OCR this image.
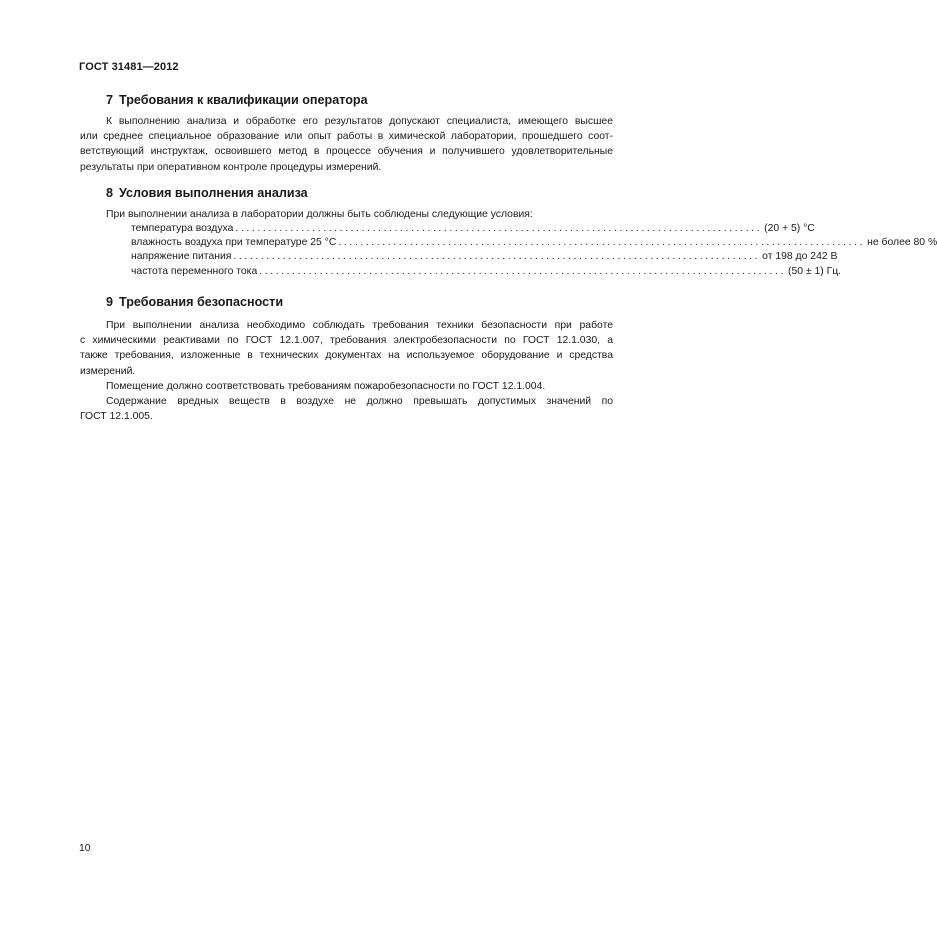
ГОСТ 31481—2012
7 Требования к квалификации оператора
К выполнению анализа и обработке его результатов допускают специалиста, имеющего высшее
или среднее специальное образование или опыт работы в химической лаборатории, прошедшего соот-
ветствующий инструктаж, освоившего метод в процессе обучения и получившего удовлетворительные
результаты при оперативном контроле процедуры измерений.
8 Условия выполнения анализа
При выполнении анализа в лаборатории должны быть соблюдены следующие условия:
температура воздуха ................................................................................................ (20 + 5) °С
влажность воздуха при температуре 25 °С ................................................................................................ не более 80 %
напряжение питания ................................................................................................ от 198 до 242 В
частота переменного тока ................................................................................................ (50 ± 1) Гц.
9 Требования безопасности
При выполнении анализа необходимо соблюдать требования техники безопасности при работе
с химическими реактивами по ГОСТ 12.1.007, требования электробезопасности по ГОСТ 12.1.030, а
также требования, изложенные в технических документах на используемое оборудование и средства
измерений.
Помещение должно соответствовать требованиям пожаробезопасности по ГОСТ 12.1.004.
Содержание вредных веществ в воздухе не должно превышать допустимых значений по
ГОСТ 12.1.005.
10
